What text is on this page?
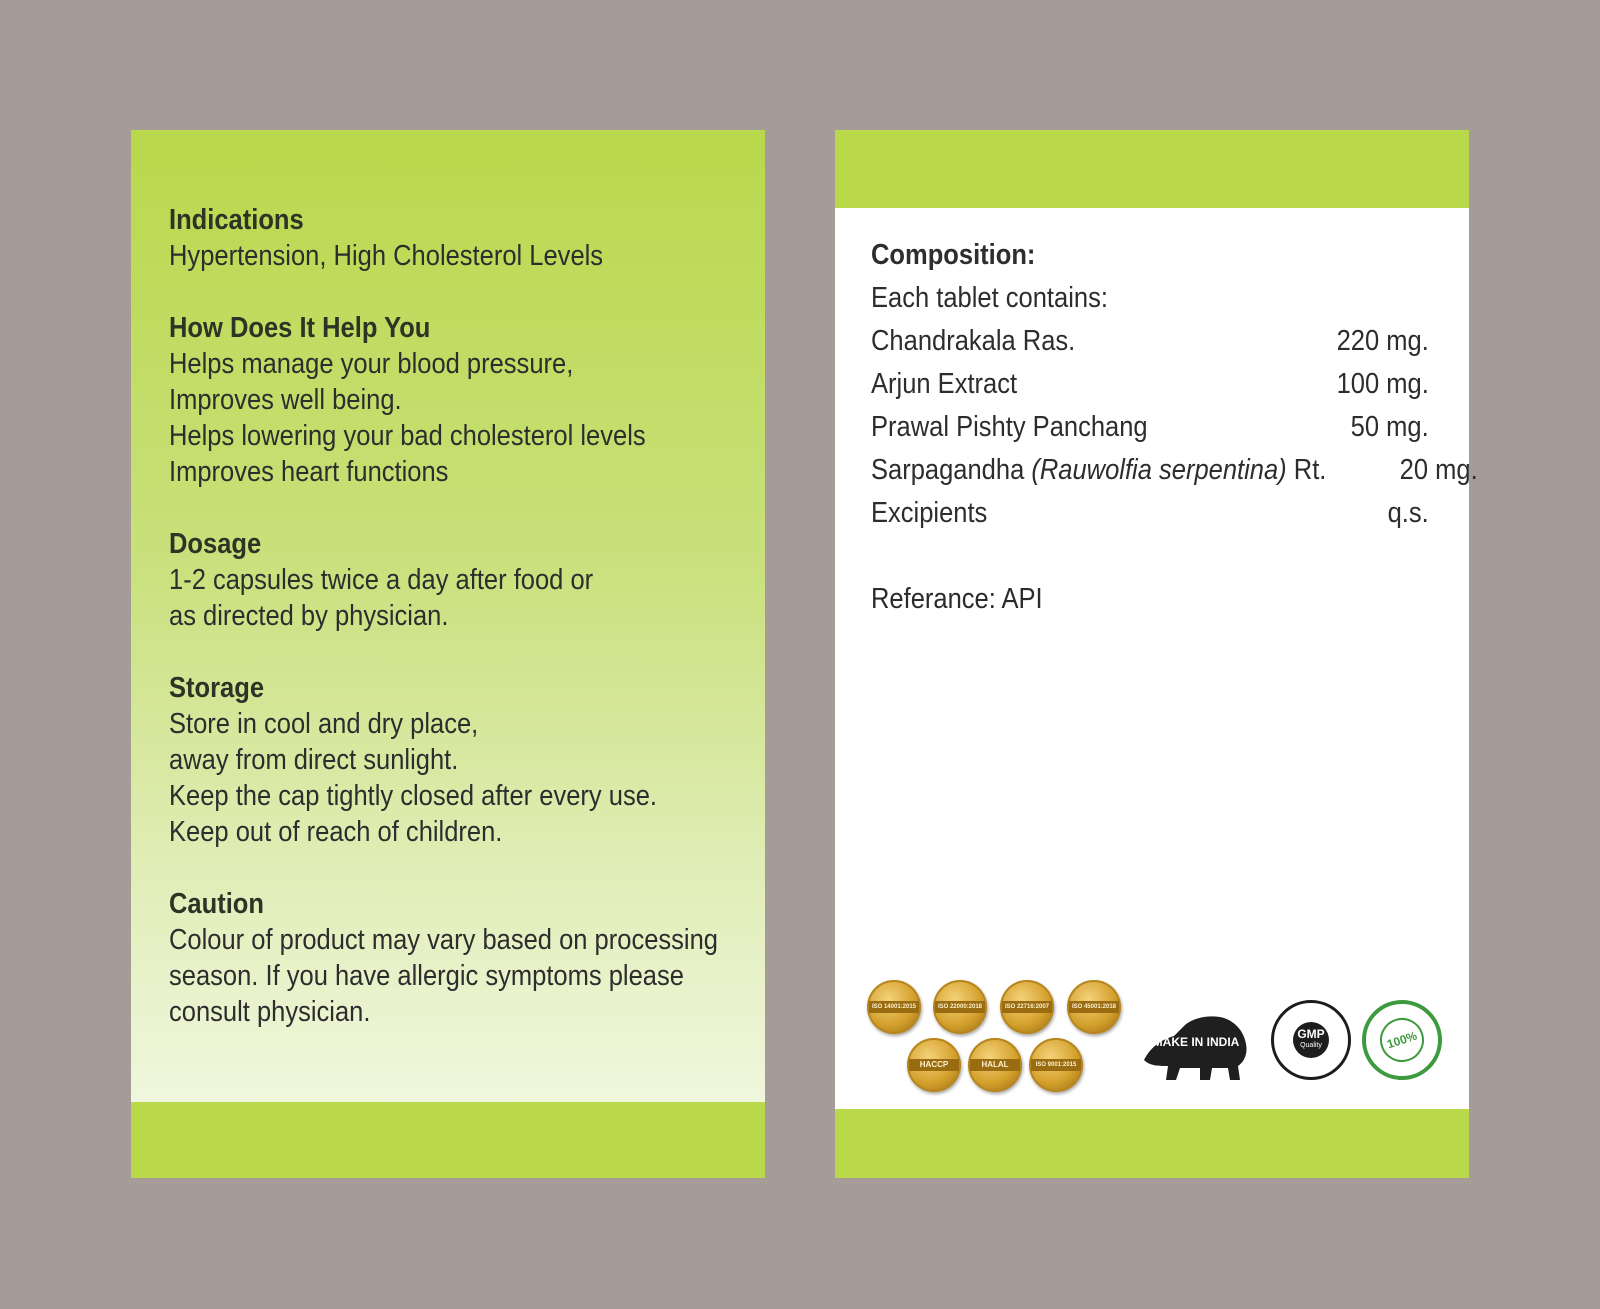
Indications
Hypertension, High Cholesterol Levels
How Does It Help You
Helps manage your blood pressure,
Improves well being.
Helps lowering your bad cholesterol levels
Improves heart functions
Dosage
1-2 capsules twice a day after food or
as directed by physician.
Storage
Store in cool and dry place,
away from direct sunlight.
Keep the cap tightly closed after every use.
Keep out of reach of children.
Caution
Colour of product may vary based on processing
season. If you have allergic symptoms please
consult physician.
Composition:
Each tablet contains:
Chandrakala Ras.	220 mg.
Arjun Extract	100 mg.
Prawal Pishty Panchang	50 mg.
Sarpagandha (Rauwolfia serpentina) Rt.	20 mg.
Excipients	q.s.
Referance: API
ISO 14001:2015	ISO 22000:2018	ISO 22716:2007	ISO 45001:2018
HACCP	HALAL	ISO 9001:2015
MAKE IN INDIA
GMP
Quality	100%
